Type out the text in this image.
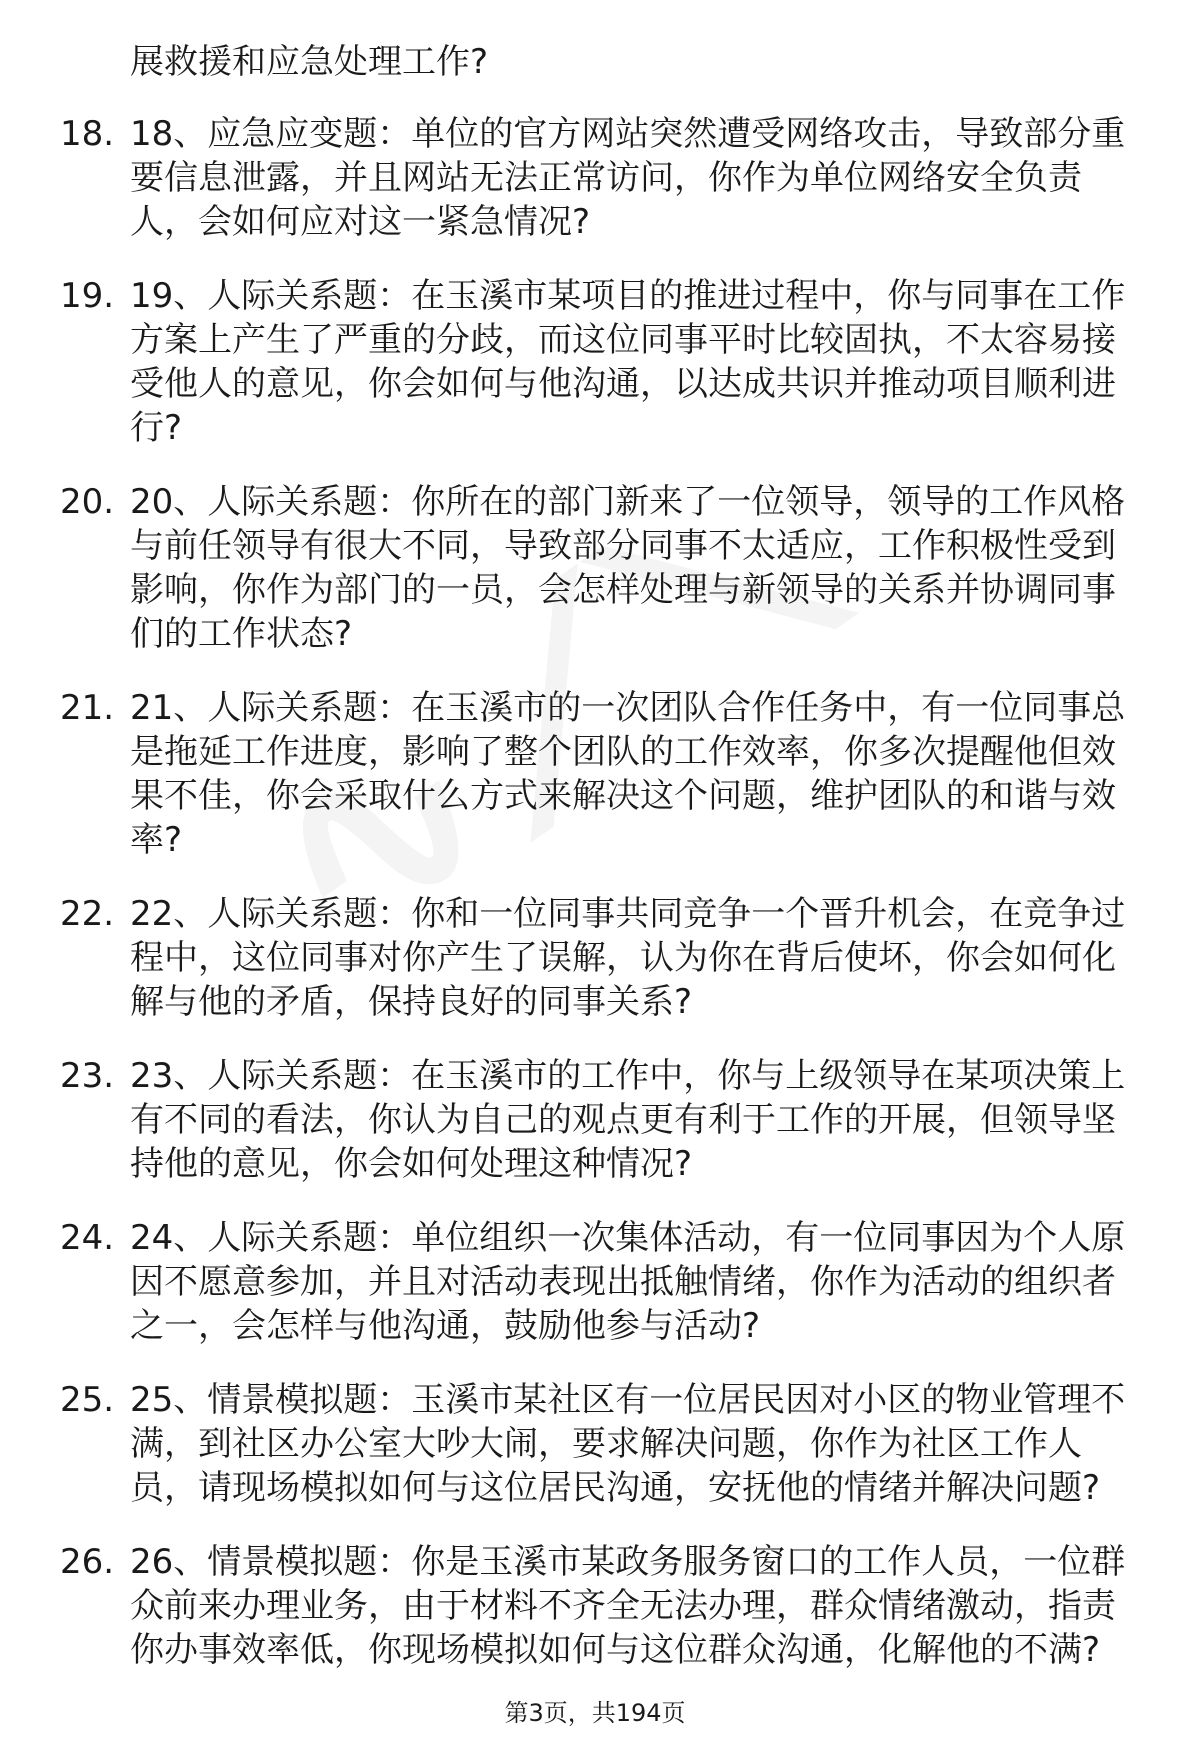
展救援和应急处理工作?
18. 18、应急应变题：单位的官方网站突然遭受网络攻击，导致部分重要信息泄露，并且网站无法正常访问，你作为单位网络安全负责人，会如何应对这一紧急情况?
19. 19、人际关系题：在玉溪市某项目的推进过程中，你与同事在工作方案上产生了严重的分歧，而这位同事平时比较固执，不太容易接受他人的意见，你会如何与他沟通，以达成共识并推动项目顺利进行?
20. 20、人际关系题：你所在的部门新来了一位领导，领导的工作风格与前任领导有很大不同，导致部分同事不太适应，工作积极性受到影响，你作为部门的一员，会怎样处理与新领导的关系并协调同事们的工作状态?
21. 21、人际关系题：在玉溪市的一次团队合作任务中，有一位同事总是拖延工作进度，影响了整个团队的工作效率，你多次提醒他但效果不佳，你会采取什么方式来解决这个问题，维护团队的和谐与效率?
22. 22、人际关系题：你和一位同事共同竞争一个晋升机会，在竞争过程中，这位同事对你产生了误解，认为你在背后使坏，你会如何化解与他的矛盾，保持良好的同事关系?
23. 23、人际关系题：在玉溪市的工作中，你与上级领导在某项决策上有不同的看法，你认为自己的观点更有利于工作的开展，但领导坚持他的意见，你会如何处理这种情况?
24. 24、人际关系题：单位组织一次集体活动，有一位同事因为个人原因不愿意参加，并且对活动表现出抵触情绪，你作为活动的组织者之一，会怎样与他沟通，鼓励他参与活动?
25. 25、情景模拟题：玉溪市某社区有一位居民因对小区的物业管理不满，到社区办公室大吵大闹，要求解决问题，你作为社区工作人员，请现场模拟如何与这位居民沟通，安抚他的情绪并解决问题?
26. 26、情景模拟题：你是玉溪市某政务服务窗口的工作人员，一位群众前来办理业务，由于材料不齐全无法办理，群众情绪激动，指责你办事效率低，你现场模拟如何与这位群众沟通，化解他的不满?
第3页，共194页
